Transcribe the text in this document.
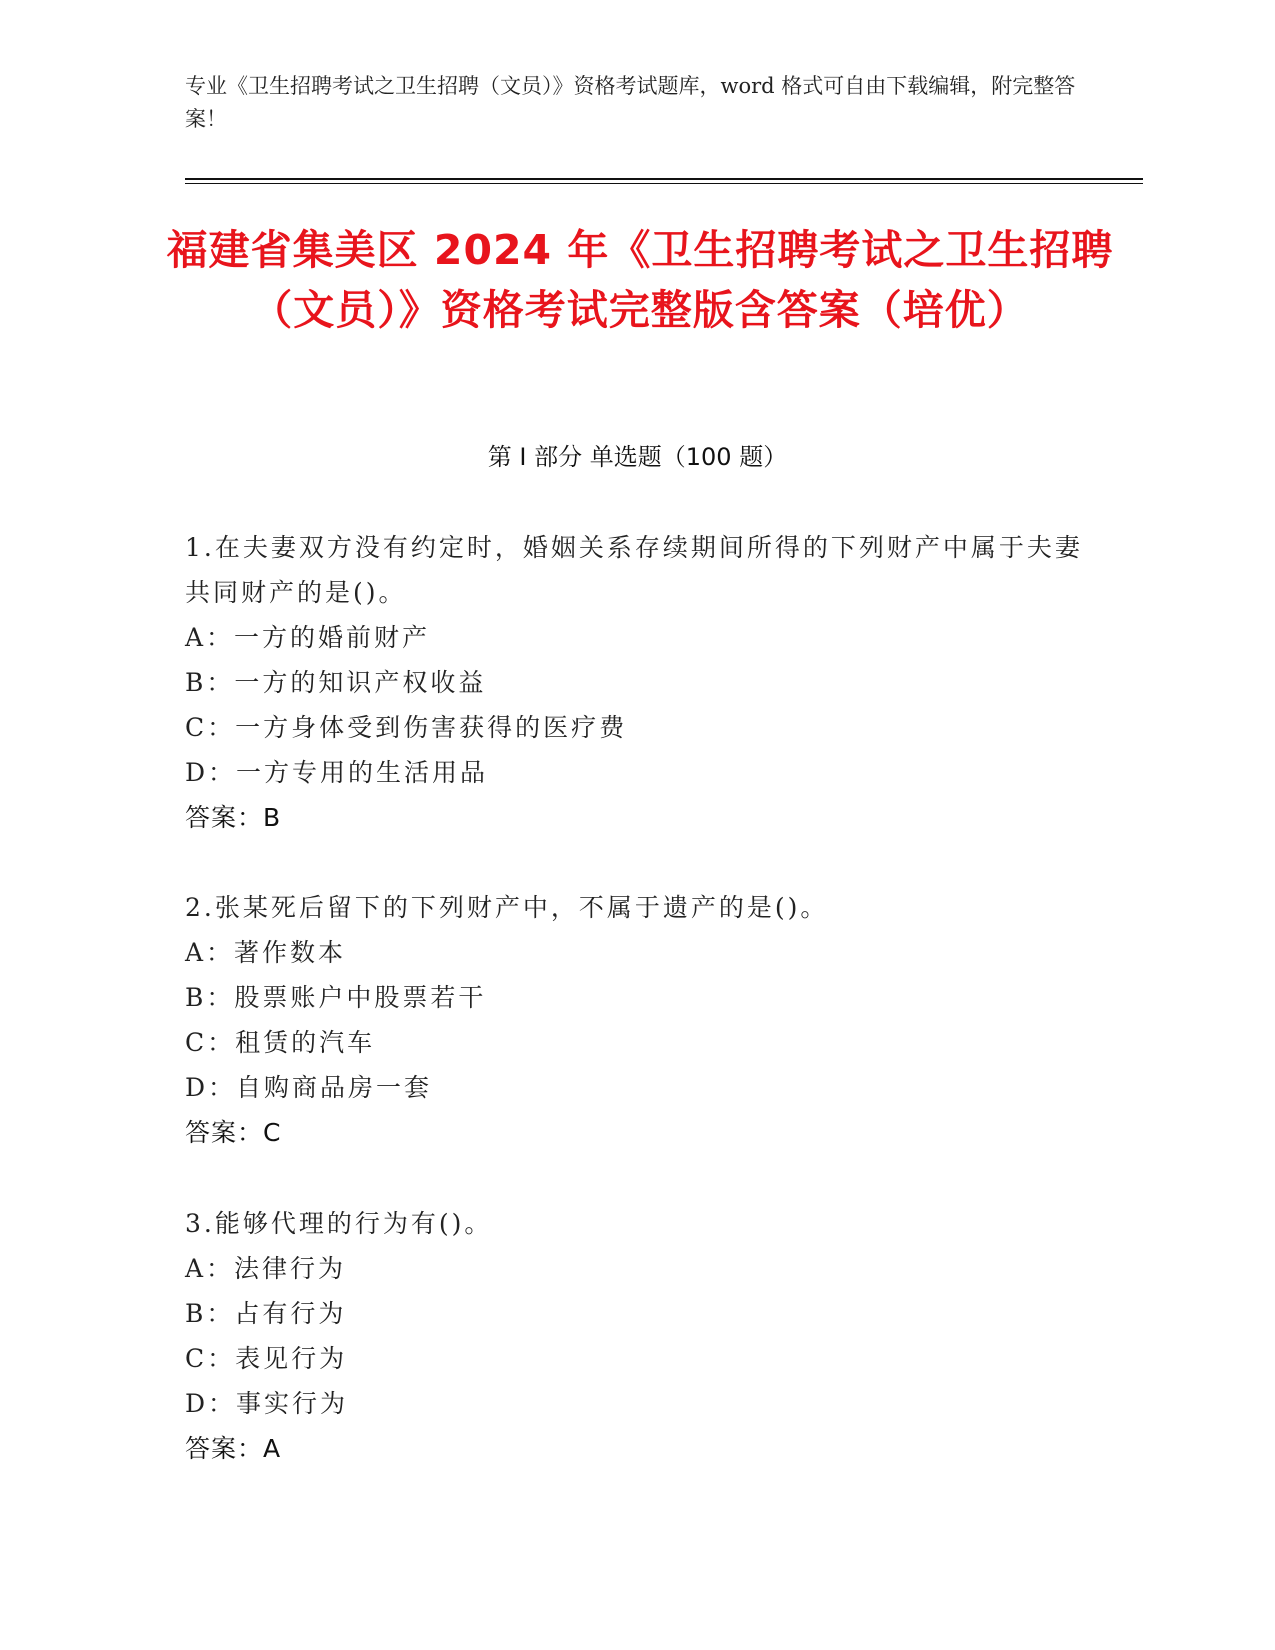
专业《卫生招聘考试之卫生招聘（文员）》资格考试题库，word 格式可自由下载编辑，附完整答案！
福建省集美区 2024 年《卫生招聘考试之卫生招聘（文员）》资格考试完整版含答案（培优）
第 I 部分 单选题（100 题）
1.在夫妻双方没有约定时，婚姻关系存续期间所得的下列财产中属于夫妻共同财产的是()。
A：一方的婚前财产
B：一方的知识产权收益
C：一方身体受到伤害获得的医疗费
D：一方专用的生活用品
答案：B
2.张某死后留下的下列财产中，不属于遗产的是()。
A：著作数本
B：股票账户中股票若干
C：租赁的汽车
D：自购商品房一套
答案：C
3.能够代理的行为有()。
A：法律行为
B：占有行为
C：表见行为
D：事实行为
答案：A
